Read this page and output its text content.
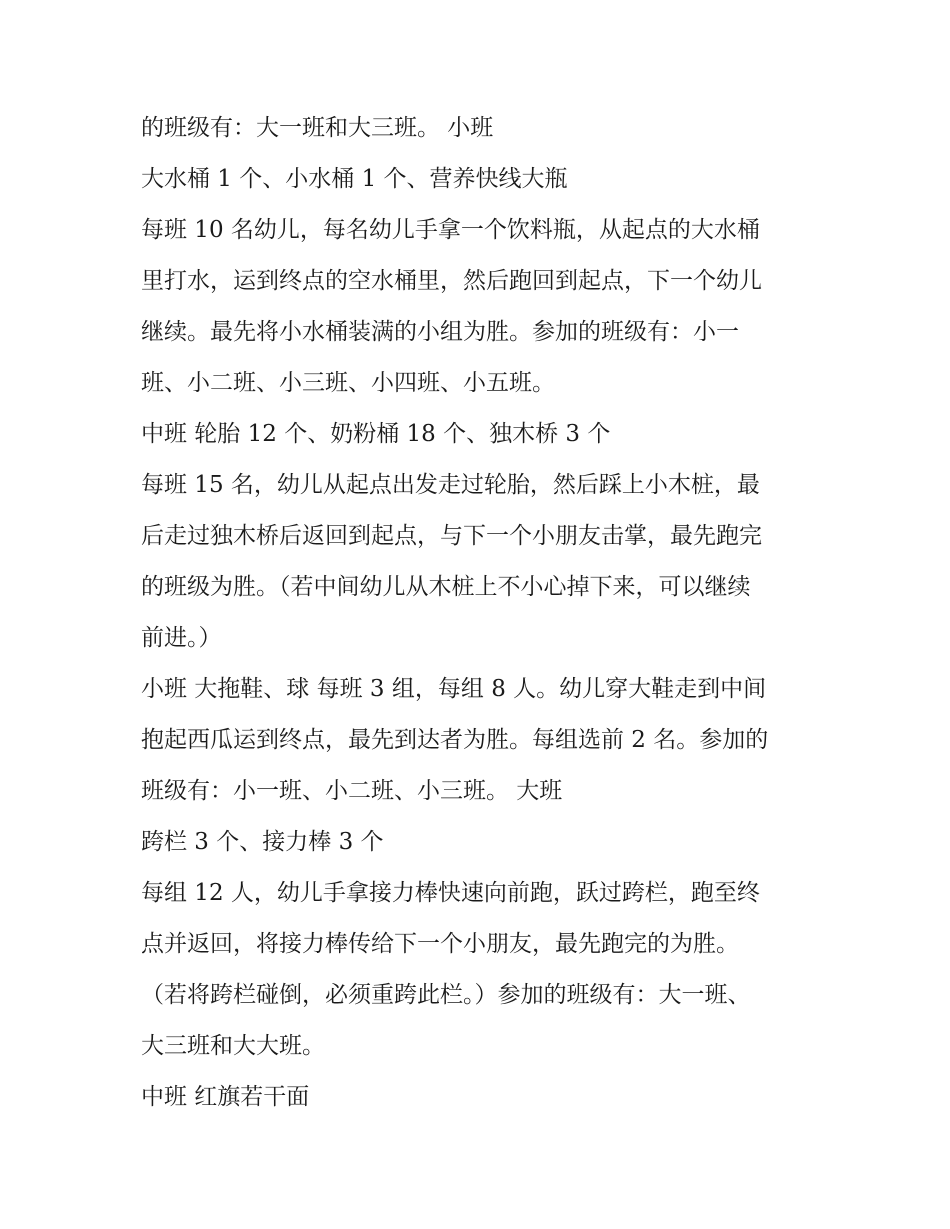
的班级有：大一班和大三班。 小班

大水桶 1 个、小水桶 1 个、营养快线大瓶

每班 10 名幼儿，每名幼儿手拿一个饮料瓶，从起点的大水桶

里打水，运到终点的空水桶里，然后跑回到起点，下一个幼儿

继续。最先将小水桶装满的小组为胜。参加的班级有：小一

班、小二班、小三班、小四班、小五班。

中班 轮胎 12 个、奶粉桶 18 个、独木桥 3 个

每班 15 名，幼儿从起点出发走过轮胎，然后踩上小木桩，最

后走过独木桥后返回到起点，与下一个小朋友击掌，最先跑完

的班级为胜。（若中间幼儿从木桩上不小心掉下来，可以继续

前进。）

小班 大拖鞋、球 每班 3 组，每组 8 人。幼儿穿大鞋走到中间

抱起西瓜运到终点，最先到达者为胜。每组选前 2 名。参加的

班级有：小一班、小二班、小三班。 大班

跨栏 3 个、接力棒 3 个

每组 12 人，幼儿手拿接力棒快速向前跑，跃过跨栏，跑至终

点并返回，将接力棒传给下一个小朋友，最先跑完的为胜。

（若将跨栏碰倒，必须重跨此栏。）参加的班级有：大一班、

大三班和大大班。

中班 红旗若干面
